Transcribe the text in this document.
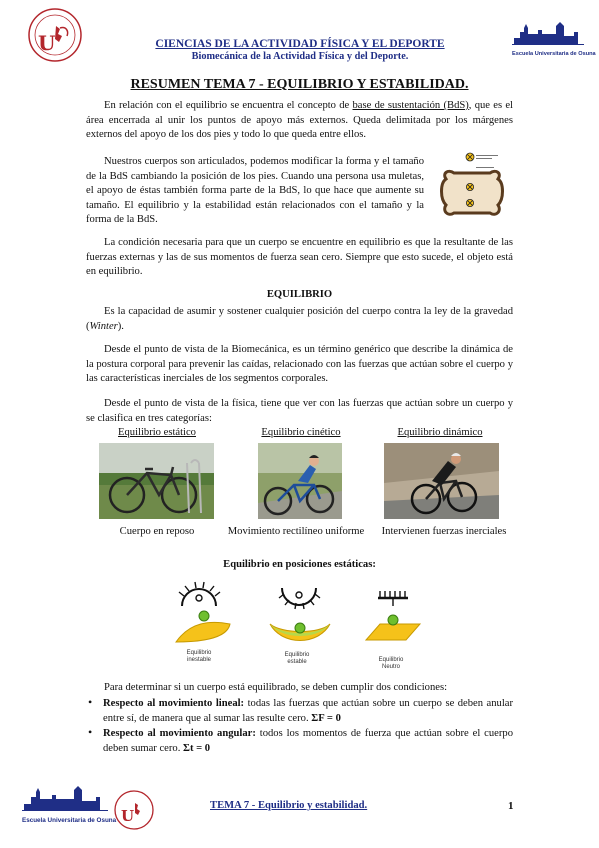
U	Escuela Universitaria de Osuna
CIENCIAS DE LA ACTIVIDAD FÍSICA Y EL DEPORTE
Biomecánica de la Actividad Física y del Deporte.
RESUMEN TEMA 7 - EQUILIBRIO Y ESTABILIDAD.

En relación con el equilibrio se encuentra el concepto de base de sustentación (BdS), que es el área encerrada al unir los puntos de apoyo más externos. Queda delimitada por los márgenes externos del apoyo de los dos pies y todo lo que queda entre ellos.

Nuestros cuerpos son articulados, podemos modificar la forma y el tamaño de la BdS cambiando la posición de los pies. Cuando una persona usa muletas, el apoyo de éstas también forma parte de la BdS, lo que hace que aumente su tamaño. El equilibrio y la estabilidad están relacionados con el tamaño y la forma de la BdS.

La condición necesaria para que un cuerpo se encuentre en equilibrio es que la resultante de las fuerzas externas y las de sus momentos de fuerza sean cero. Siempre que esto sucede, el objeto está en equilibrio.

EQUILIBRIO

Es la capacidad de asumir y sostener cualquier posición del cuerpo contra la ley de la gravedad (Winter).

Desde el punto de vista de la Biomecánica, es un término genérico que describe la dinámica de la postura corporal para prevenir las caídas, relacionado con las fuerzas que actúan sobre el cuerpo y las características inerciales de los segmentos corporales.

Desde el punto de vista de la física, tiene que ver con las fuerzas que actúan sobre un cuerpo y se clasifica en tres categorías:

Equilibrio estático	Equilibrio cinético	Equilibrio dinámico
Cuerpo en reposo	Movimiento rectilíneo uniforme	Intervienen fuerzas inerciales
Equilibrio en posiciones estáticas:
Equilibrio inestable
Equilibrio estable	Equilibrio Neutro

Para determinar si un cuerpo está equilibrado, se deben cumplir dos condiciones:

• Respecto al movimiento lineal: todas las fuerzas que actúan sobre un cuerpo se deben anular entre sí, de manera que al sumar las resulte cero. ΣF = 0

• Respecto al movimiento angular: todos los momentos de fuerza que actúan sobre el cuerpo deben sumar cero. Σt = 0

Escuela Universitaria de Osuna U
TEMA 7 - Equilibrio y estabilidad.	1
